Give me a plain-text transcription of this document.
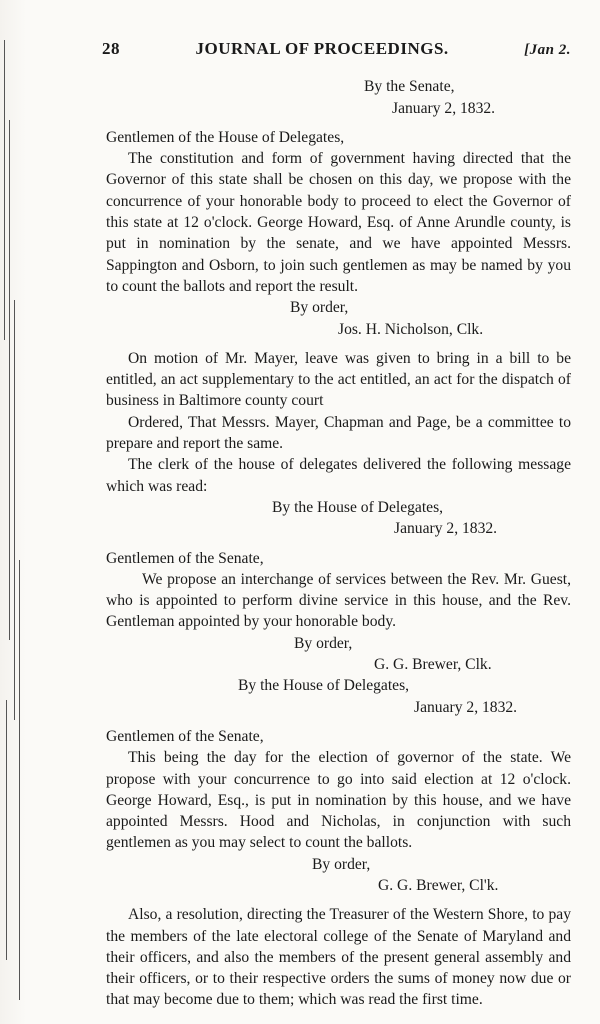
28	JOURNAL OF PROCEEDINGS.	[Jan 2.

By the Senate,

January 2, 1832.

Gentlemen of the House of Delegates,

The constitution and form of government having directed that the Governor of this state shall be chosen on this day, we propose with the concurrence of your honorable body to proceed to elect the Governor of this state at 12 o'clock. George Howard, Esq. of Anne Arundle county, is put in nomination by the senate, and we have appointed Messrs. Sappington and Osborn, to join such gentlemen as may be named by you to count the ballots and report the result.

By order,

Jos. H. Nicholson, Clk.

On motion of Mr. Mayer, leave was given to bring in a bill to be entitled, an act supplementary to the act entitled, an act for the dispatch of business in Baltimore county court

Ordered, That Messrs. Mayer, Chapman and Page, be a committee to prepare and report the same.

The clerk of the house of delegates delivered the following message which was read:

By the House of Delegates,

January 2, 1832.

Gentlemen of the Senate,

We propose an interchange of services between the Rev. Mr. Guest, who is appointed to perform divine service in this house, and the Rev. Gentleman appointed by your honorable body.

By order,

G. G. Brewer, Clk.

By the House of Delegates,

January 2, 1832.

Gentlemen of the Senate,

This being the day for the election of governor of the state. We propose with your concurrence to go into said election at 12 o'clock. George Howard, Esq., is put in nomination by this house, and we have appointed Messrs. Hood and Nicholas, in conjunction with such gentlemen as you may select to count the ballots.

By order,

G. G. Brewer, Cl'k.

Also, a resolution, directing the Treasurer of the Western Shore, to pay the members of the late electoral college of the Senate of Maryland and their officers, and also the members of the present general assembly and their officers, or to their respective orders the sums of money now due or that may become due to them; which was read the first time.
